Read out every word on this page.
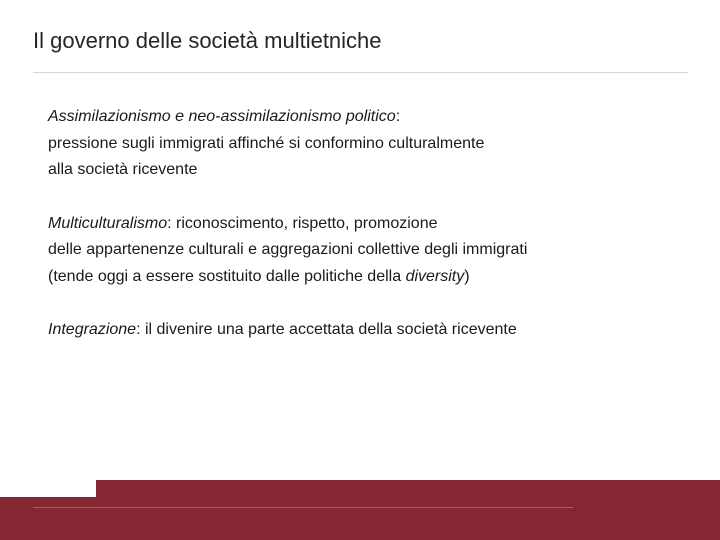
Il governo delle società multietniche

Assimilazionismo e neo-assimilazionismo politico:
pressione sugli immigrati affinché si conformino culturalmente
alla società ricevente

Multiculturalismo: riconoscimento, rispetto, promozione
delle appartenenze culturali e aggregazioni collettive degli immigrati
(tende oggi a essere sostituito dalle politiche della diversity)

Integrazione: il divenire una parte accettata della società ricevente
